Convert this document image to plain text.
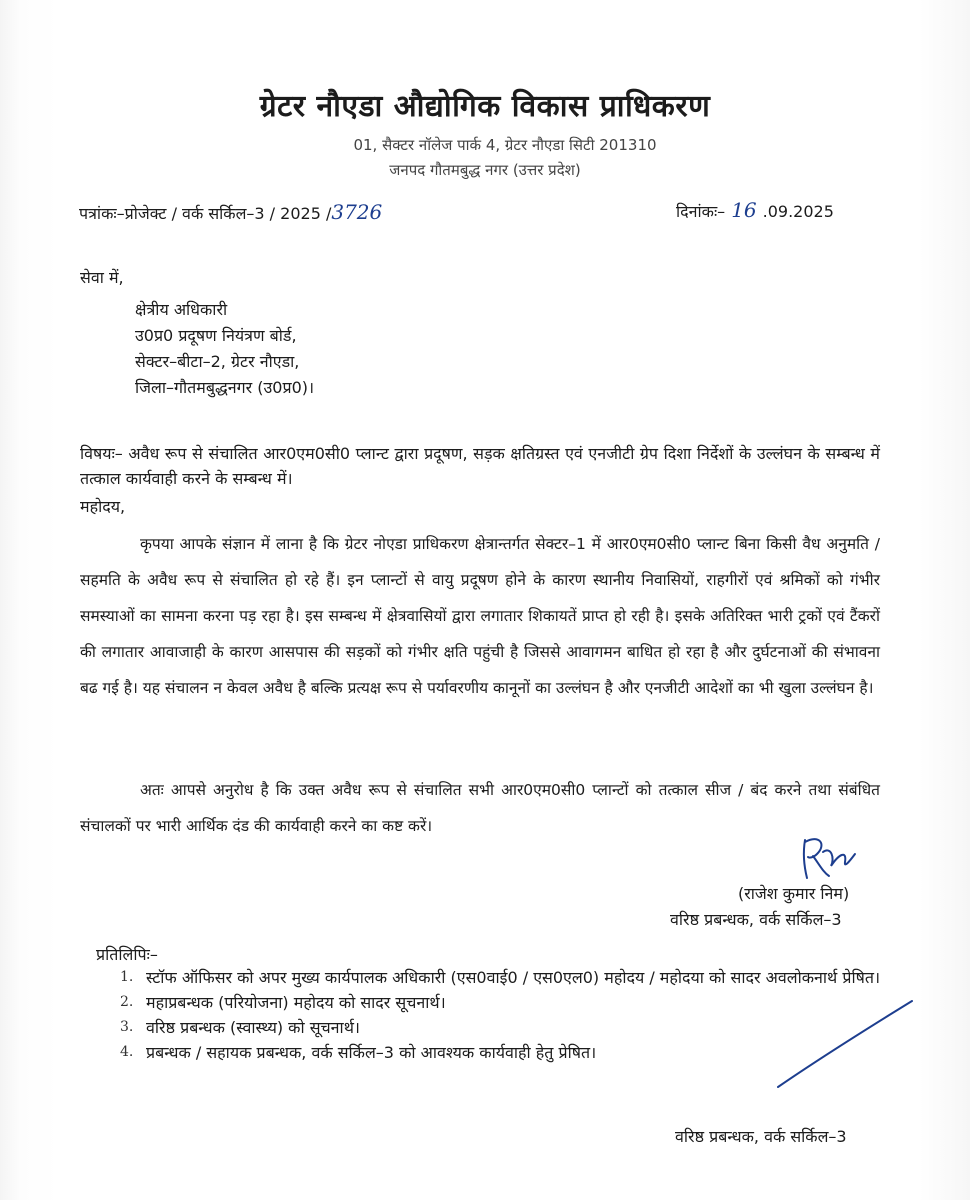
ग्रेटर नौएडा औद्योगिक विकास प्राधिकरण
01, सैक्टर नॉलेज पार्क 4, ग्रेटर नौएडा सिटी 201310
जनपद गौतमबुद्ध नगर (उत्तर प्रदेश)
पत्रांकः–प्रोजेक्ट / वर्क सर्किल–3 / 2025 /3726	दिनांकः– 16 .09.2025
सेवा में,
क्षेत्रीय अधिकारी
उ0प्र0 प्रदूषण नियंत्रण बोर्ड,
सेक्टर–बीटा–2, ग्रेटर नौएडा,
जिला–गौतमबुद्धनगर (उ0प्र0)।
विषयः– अवैध रूप से संचालित आर0एम0सी0 प्लान्ट द्वारा प्रदूषण, सड़क क्षतिग्रस्त एवं एनजीटी ग्रेप दिशा निर्देशों के उल्लंघन के सम्बन्ध में तत्काल कार्यवाही करने के सम्बन्ध में।
महोदय,
कृपया आपके संज्ञान में लाना है कि ग्रेटर नोएडा प्राधिकरण क्षेत्रान्तर्गत सेक्टर–1 में आर0एम0सी0 प्लान्ट बिना किसी वैध अनुमति / सहमति के अवैध रूप से संचालित हो रहे हैं। इन प्लान्टों से वायु प्रदूषण होने के कारण स्थानीय निवासियों, राहगीरों एवं श्रमिकों को गंभीर समस्याओं का सामना करना पड़ रहा है। इस सम्बन्ध में क्षेत्रवासियों द्वारा लगातार शिकायतें प्राप्त हो रही है। इसके अतिरिक्त भारी ट्रकों एवं टैंकरों की लगातार आवाजाही के कारण आसपास की सड़कों को गंभीर क्षति पहुंची है जिससे आवागमन बाधित हो रहा है और दुर्घटनाओं की संभावना बढ गई है। यह संचालन न केवल अवैध है बल्कि प्रत्यक्ष रूप से पर्यावरणीय कानूनों का उल्लंघन है और एनजीटी आदेशों का भी खुला उल्लंघन है।
अतः आपसे अनुरोध है कि उक्त अवैध रूप से संचालित सभी आर0एम0सी0 प्लान्टों को तत्काल सीज / बंद करने तथा संबंधित संचालकों पर भारी आर्थिक दंड की कार्यवाही करने का कष्ट करें।
(राजेश कुमार निम)
वरिष्ठ प्रबन्धक, वर्क सर्किल–3
प्रतिलिपिः–
1. स्टॉफ ऑफिसर को अपर मुख्य कार्यपालक अधिकारी (एस0वाई0 / एस0एल0) महोदय / महोदया को सादर अवलोकनार्थ प्रेषित।
2. महाप्रबन्धक (परियोजना) महोदय को सादर सूचनार्थ।
3. वरिष्ठ प्रबन्धक (स्वास्थ्य) को सूचनार्थ।
4. प्रबन्धक / सहायक प्रबन्धक, वर्क सर्किल–3 को आवश्यक कार्यवाही हेतु प्रेषित।
वरिष्ठ प्रबन्धक, वर्क सर्किल–3
